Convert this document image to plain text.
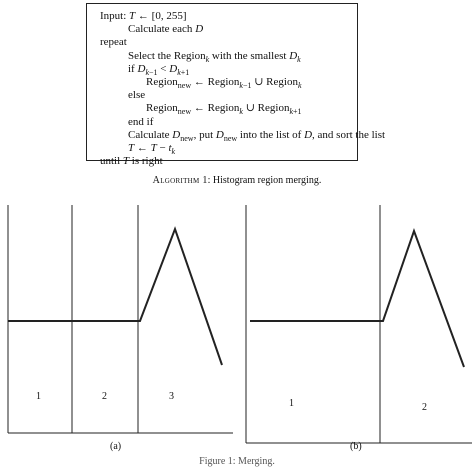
Input: T ← [0, 255]
Calculate each D
repeat
Select the Region$_k$ with the smallest $D_k$
if $D_{k-1} < D_{k+1}$
Region$_{new}$ ← Region$_{k-1}$ ∪ Region$_k$
else
Region$_{new}$ ← Region$_k$ ∪ Region$_{k+1}$
end if
Calculate $D_{new}$, put $D_{new}$ into the list of D, and sort the list
T ← $T - t_k$
until T is right
Algorithm 1: Histogram region merging.
1	2	3
(a)
1	2
(b)
Figure 1: Merging.
